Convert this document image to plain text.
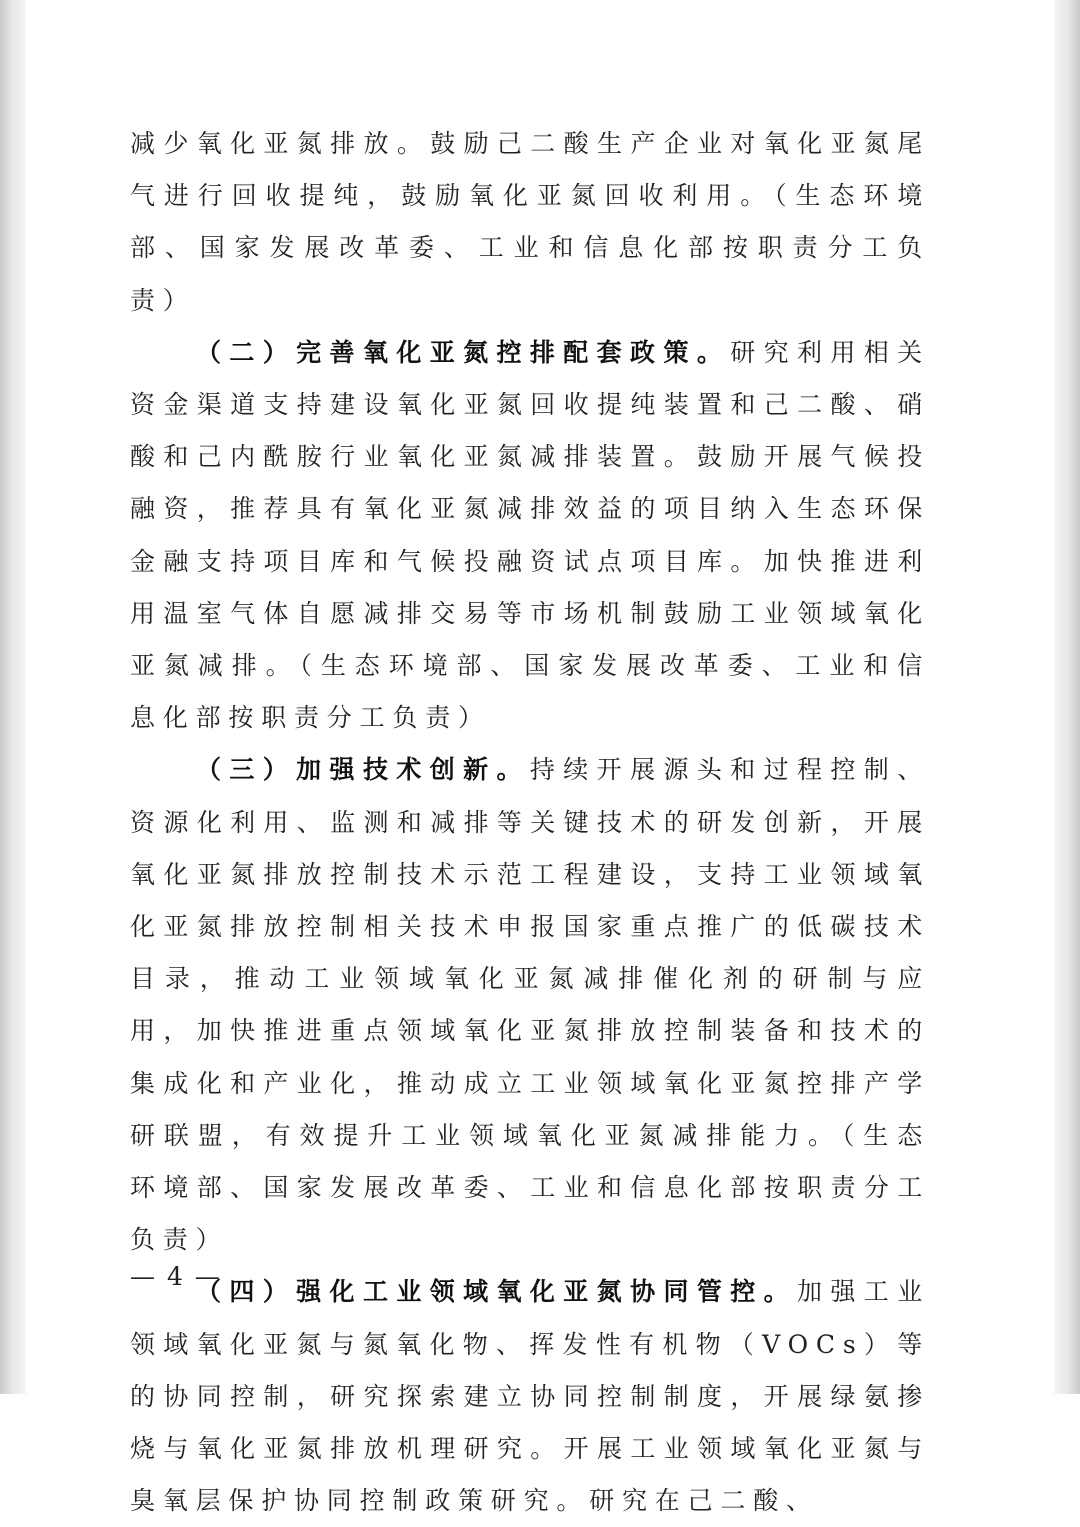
减少氧化亚氮排放。鼓励己二酸生产企业对氧化亚氮尾气进行回收提纯，鼓励氧化亚氮回收利用。（生态环境部、国家发展改革委、工业和信息化部按职责分工负责）

（二）完善氧化亚氮控排配套政策。研究利用相关资金渠道支持建设氧化亚氮回收提纯装置和己二酸、硝酸和己内酰胺行业氧化亚氮减排装置。鼓励开展气候投融资，推荐具有氧化亚氮减排效益的项目纳入生态环保金融支持项目库和气候投融资试点项目库。加快推进利用温室气体自愿减排交易等市场机制鼓励工业领域氧化亚氮减排。（生态环境部、国家发展改革委、工业和信息化部按职责分工负责）

（三）加强技术创新。持续开展源头和过程控制、资源化利用、监测和减排等关键技术的研发创新，开展氧化亚氮排放控制技术示范工程建设，支持工业领域氧化亚氮排放控制相关技术申报国家重点推广的低碳技术目录，推动工业领域氧化亚氮减排催化剂的研制与应用，加快推进重点领域氧化亚氮排放控制装备和技术的集成化和产业化，推动成立工业领域氧化亚氮控排产学研联盟，有效提升工业领域氧化亚氮减排能力。（生态环境部、国家发展改革委、工业和信息化部按职责分工负责）

（四）强化工业领域氧化亚氮协同管控。加强工业领域氧化亚氮与氮氧化物、挥发性有机物（VOCs）等的协同控制，研究探索建立协同控制制度，开展绿氨掺烧与氧化亚氮排放机理研究。开展工业领域氧化亚氮与臭氧层保护协同控制政策研究。研究在己二酸、

— 4 —
